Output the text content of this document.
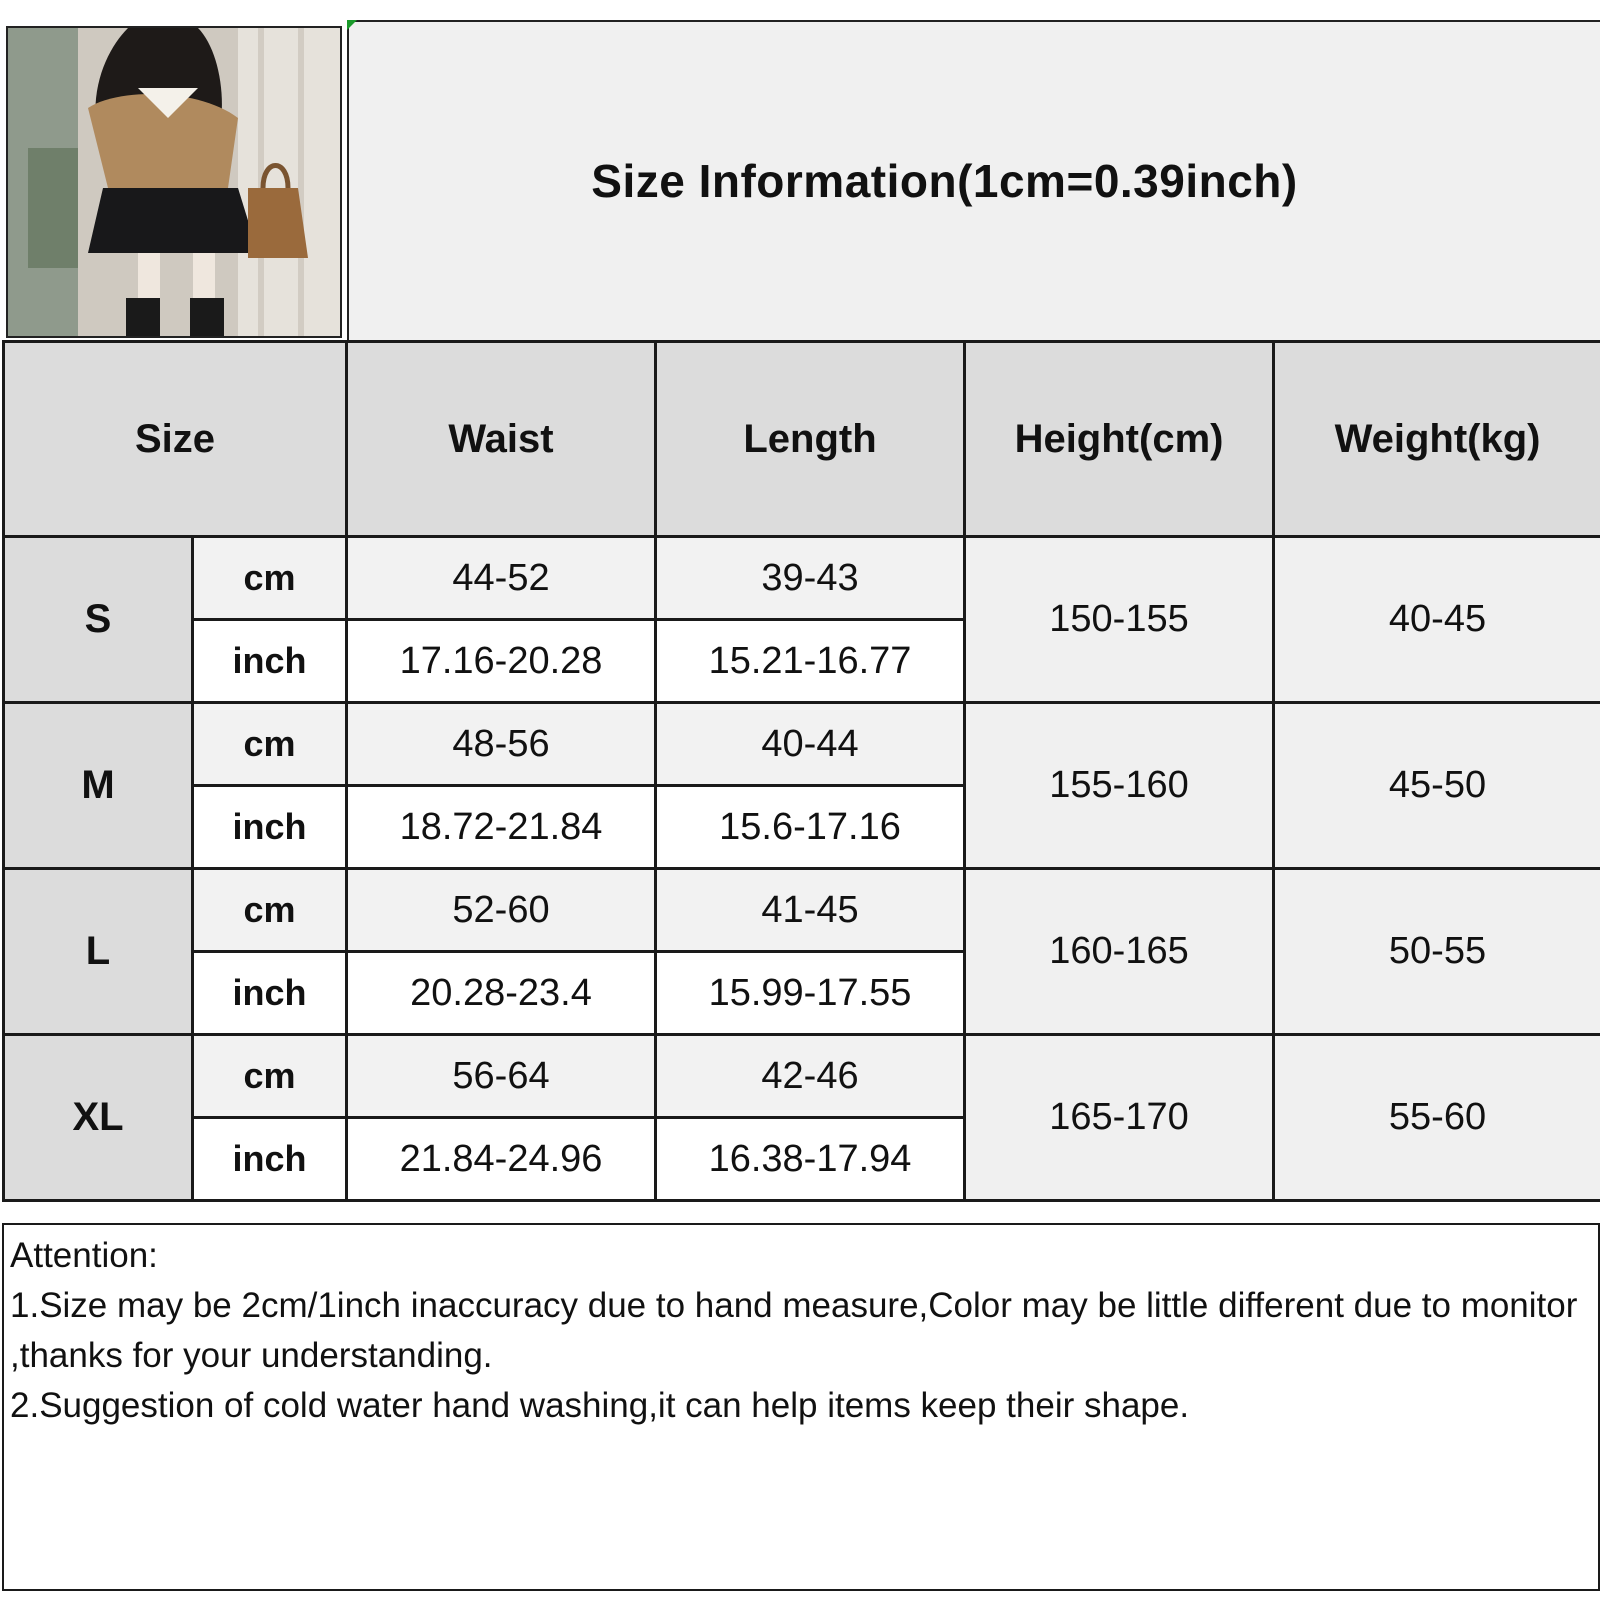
Size Information(1cm=0.39inch)
Size		Waist	Length	Height(cm)	Weight(kg)
S	cm	44-52	39-43	150-155	40-45
	inch	17.16-20.28	15.21-16.77		
M	cm	48-56	40-44	155-160	45-50
	inch	18.72-21.84	15.6-17.16		
L	cm	52-60	41-45	160-165	50-55
	inch	20.28-23.4	15.99-17.55		
XL	cm	56-64	42-46	165-170	55-60
	inch	21.84-24.96	16.38-17.94		
Attention:
1.Size may be 2cm/1inch inaccuracy due to hand measure,Color may be little different due to monitor ,thanks for your understanding.
2.Suggestion of cold water hand washing,it can help items keep their shape.
